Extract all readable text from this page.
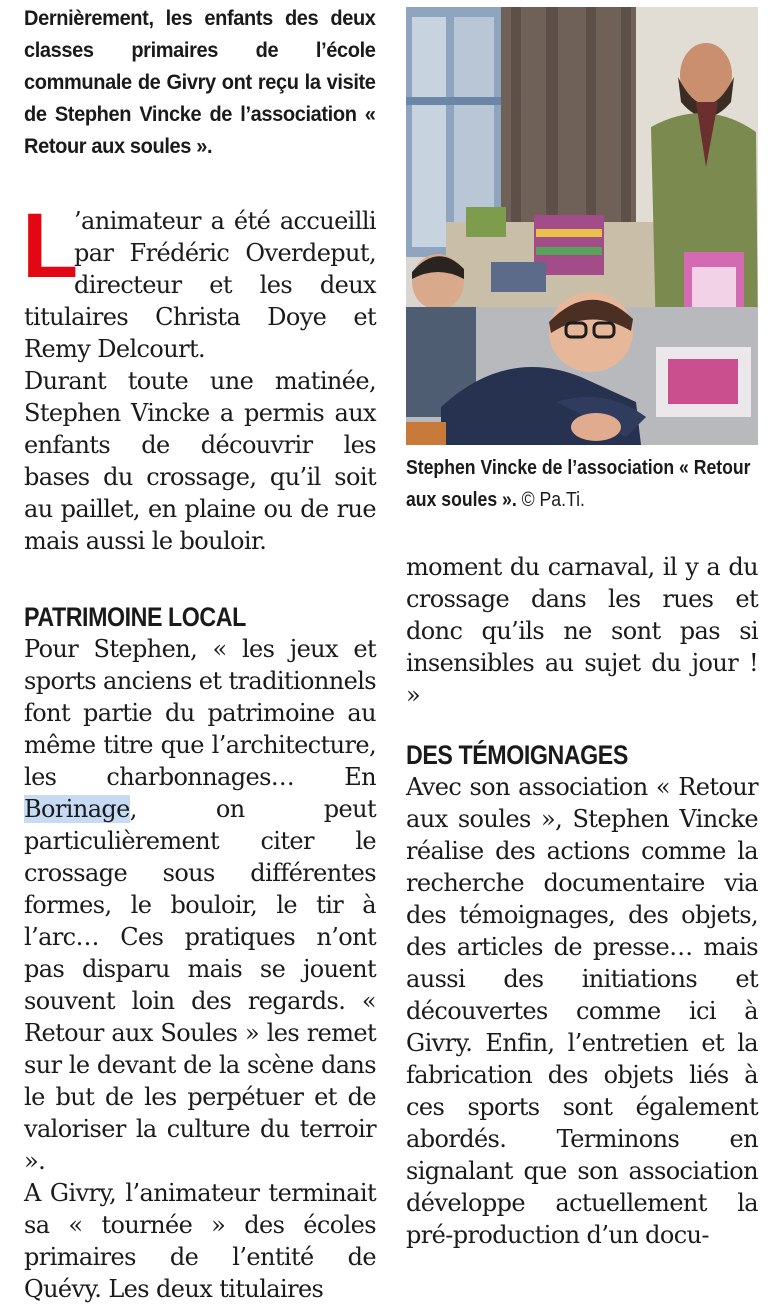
Dernièrement, les enfants des deux classes primaires de l’école communale de Givry ont reçu la visite de Stephen Vincke de l’association « Retour aux soules ».

L
’animateur a été accueilli par Frédéric Overdeput, directeur et les deux titulaires Christa Doye et Remy Delcourt.

Durant toute une matinée, Stephen Vincke a permis aux enfants de découvrir les bases du crossage, qu’il soit au paillet, en plaine ou de rue mais aussi le bouloir.

PATRIMOINE LOCAL

Pour Stephen, « les jeux et sports anciens et traditionnels font partie du patrimoine au même titre que l’architecture, les charbonnages… En Borinage, on peut particulièrement citer le crossage sous différentes formes, le bouloir, le tir à l’arc… Ces pratiques n’ont pas disparu mais se jouent souvent loin des regards. « Retour aux Soules » les remet sur le devant de la scène dans le but de les perpétuer et de valoriser la culture du terroir ».

A Givry, l’animateur terminait sa « tournée » des écoles primaires de l’entité de Quévy. Les deux titulaires

Stephen Vincke de l’association « Retour aux soules ». © Pa.Ti.

moment du carnaval, il y a du crossage dans les rues et donc qu’ils ne sont pas si insensibles au sujet du jour ! »

DES TÉMOIGNAGES

Avec son association « Retour aux soules », Stephen Vincke réalise des actions comme la recherche documentaire via des témoignages, des objets, des articles de presse… mais aussi des initiations et découvertes comme ici à Givry. Enfin, l’entretien et la fabrication des objets liés à ces sports sont également abordés. Terminons en signalant que son association développe actuellement la pré-production d’un docu-
